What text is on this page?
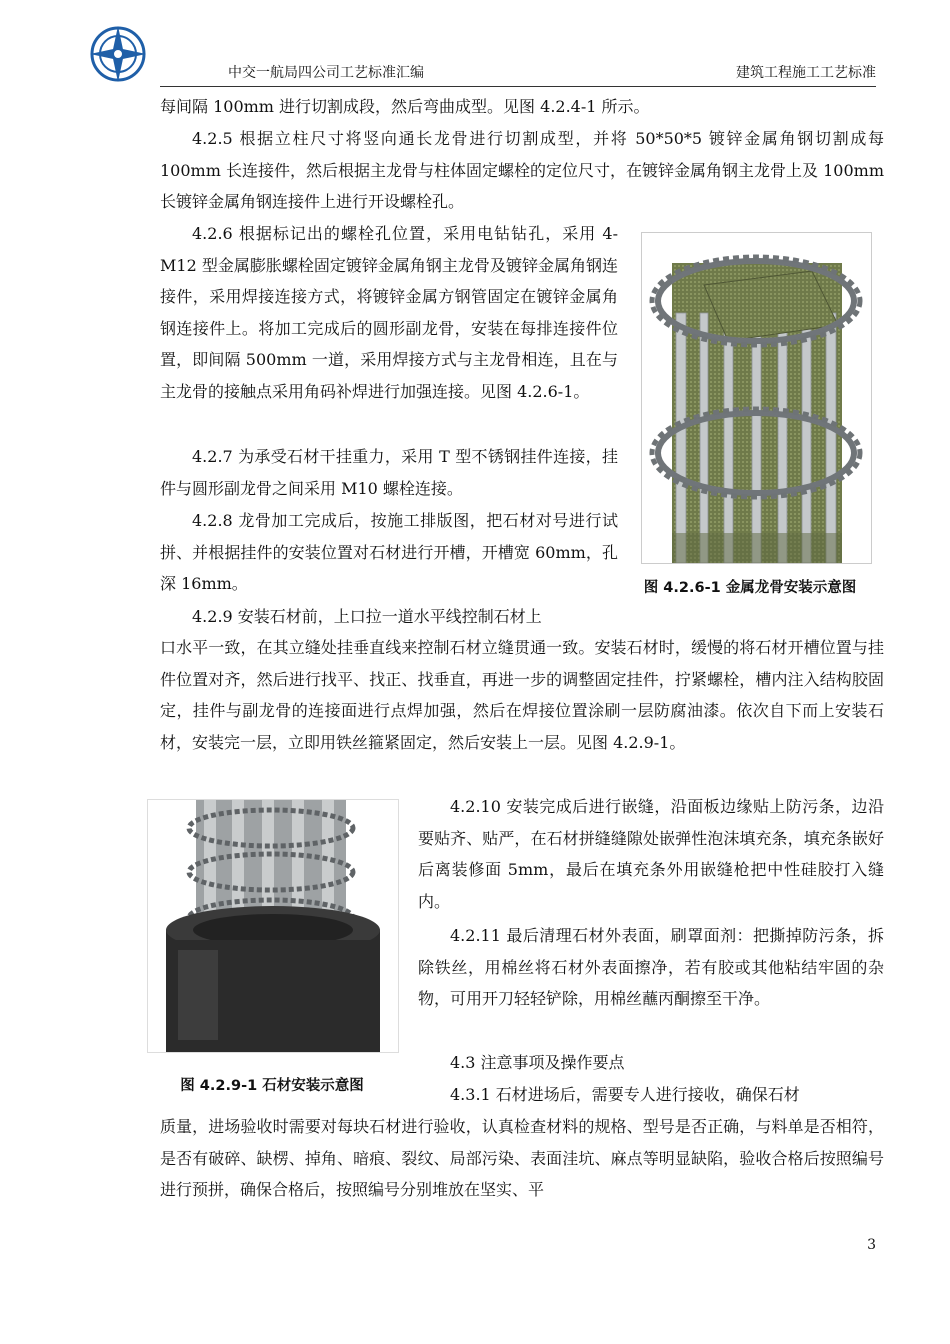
中交一航局四公司工艺标准汇编	建筑工程施工工艺标准

每间隔 100mm 进行切割成段，然后弯曲成型。见图 4.2.4-1 所示。

4.2.5 根据立柱尺寸将竖向通长龙骨进行切割成型，并将 50*50*5 镀锌金属角钢切割成每 100mm 长连接件，然后根据主龙骨与柱体固定螺栓的定位尺寸，在镀锌金属角钢主龙骨上及 100mm 长镀锌金属角钢连接件上进行开设螺栓孔。

4.2.6 根据标记出的螺栓孔位置，采用电钻钻孔，采用 4-M12 型金属膨胀螺栓固定镀锌金属角钢主龙骨及镀锌金属角钢连接件，采用焊接连接方式，将镀锌金属方钢管固定在镀锌金属角钢连接件上。将加工完成后的圆形副龙骨，安装在每排连接件位置，即间隔 500mm 一道，采用焊接方式与主龙骨相连，且在与主龙骨的接触点采用角码补焊进行加强连接。见图 4.2.6-1。

4.2.7 为承受石材干挂重力，采用 T 型不锈钢挂件连接，挂件与圆形副龙骨之间采用 M10 螺栓连接。

4.2.8 龙骨加工完成后，按施工排版图，把石材对号进行试拼、并根据挂件的安装位置对石材进行开槽，开槽宽 60mm，孔深 16mm。

4.2.9 安装石材前，上口拉一道水平线控制石材上

口水平一致，在其立缝处挂垂直线来控制石材立缝贯通一致。安装石材时，缓慢的将石材开槽位置与挂件位置对齐，然后进行找平、找正、找垂直，再进一步的调整固定挂件，拧紧螺栓，槽内注入结构胶固定，挂件与副龙骨的连接面进行点焊加强，然后在焊接位置涂刷一层防腐油漆。依次自下而上安装石材，安装完一层，立即用铁丝箍紧固定，然后安装上一层。见图 4.2.9-1。

图 4.2.6-1 金属龙骨安装示意图
图 4.2.9-1 石材安装示意图

4.2.10 安装完成后进行嵌缝，沿面板边缘贴上防污条，边沿要贴齐、贴严，在石材拼缝缝隙处嵌弹性泡沫填充条，填充条嵌好后离装修面 5mm，最后在填充条外用嵌缝枪把中性硅胶打入缝内。

4.2.11 最后清理石材外表面，刷罩面剂：把撕掉防污条，拆除铁丝，用棉丝将石材外表面擦净，若有胶或其他粘结牢固的杂物，可用开刀轻轻铲除，用棉丝蘸丙酮擦至干净。

4.3 注意事项及操作要点

4.3.1 石材进场后，需要专人进行接收，确保石材

质量，进场验收时需要对每块石材进行验收，认真检查材料的规格、型号是否正确，与料单是否相符，是否有破碎、缺楞、掉角、暗痕、裂纹、局部污染、表面洼坑、麻点等明显缺陷，验收合格后按照编号进行预拼，确保合格后，按照编号分别堆放在坚实、平

3
